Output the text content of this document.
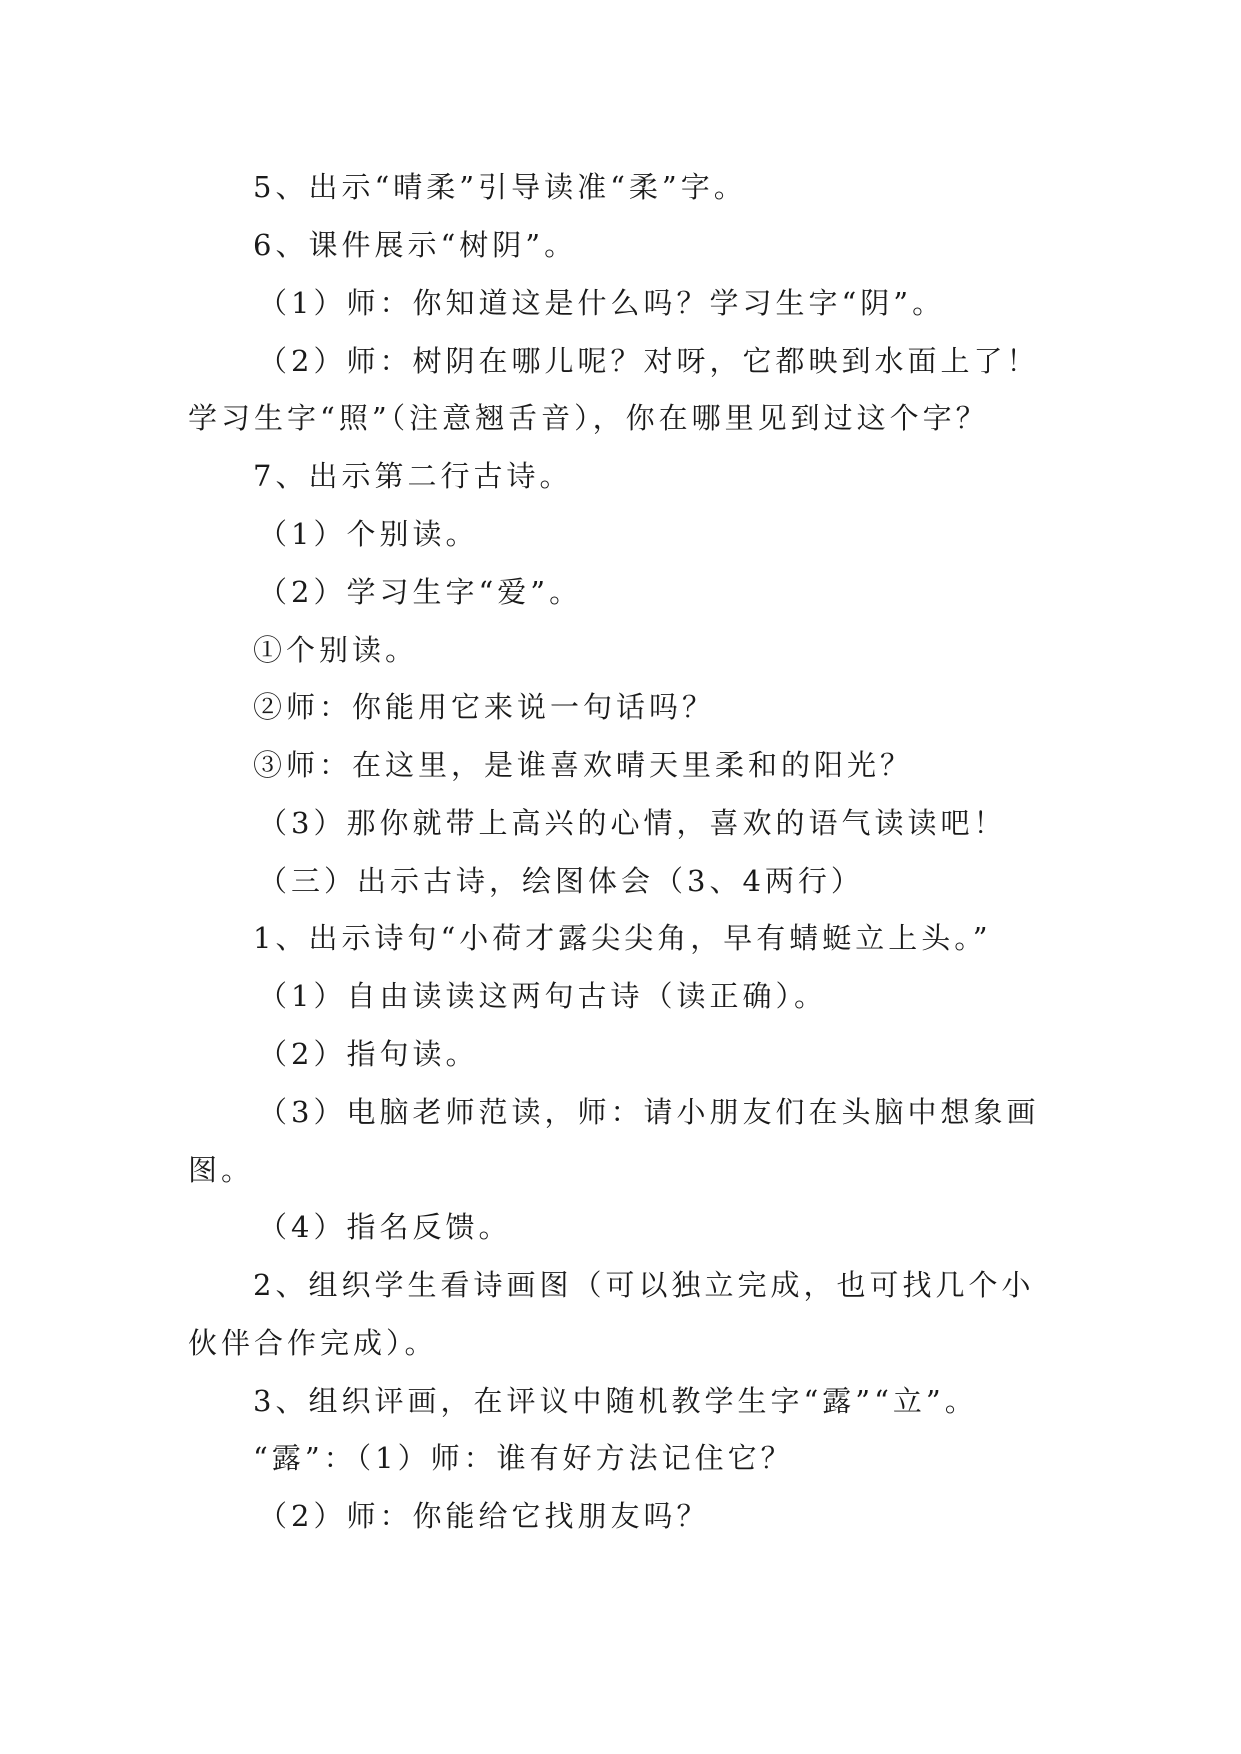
5、出示“晴柔”引导读准“柔”字。
6、课件展示“树阴”。
（1）师：你知道这是什么吗？学习生字“阴”。
（2）师：树阴在哪儿呢？对呀，它都映到水面上了！
学习生字“照”（注意翘舌音），你在哪里见到过这个字？
7、出示第二行古诗。
（1）个别读。
（2）学习生字“爱”。
①个别读。
②师：你能用它来说一句话吗？
③师：在这里，是谁喜欢晴天里柔和的阳光？
（3）那你就带上高兴的心情，喜欢的语气读读吧！
（三）出示古诗，绘图体会（3、4两行）
1、出示诗句“小荷才露尖尖角，早有蜻蜓立上头。”
（1）自由读读这两句古诗（读正确）。
（2）指句读。
（3）电脑老师范读，师：请小朋友们在头脑中想象画
图。
（4）指名反馈。
2、组织学生看诗画图（可以独立完成，也可找几个小
伙伴合作完成）。
3、组织评画，在评议中随机教学生字“露”“立”。
“露”：（1）师：谁有好方法记住它？
（2）师：你能给它找朋友吗？
